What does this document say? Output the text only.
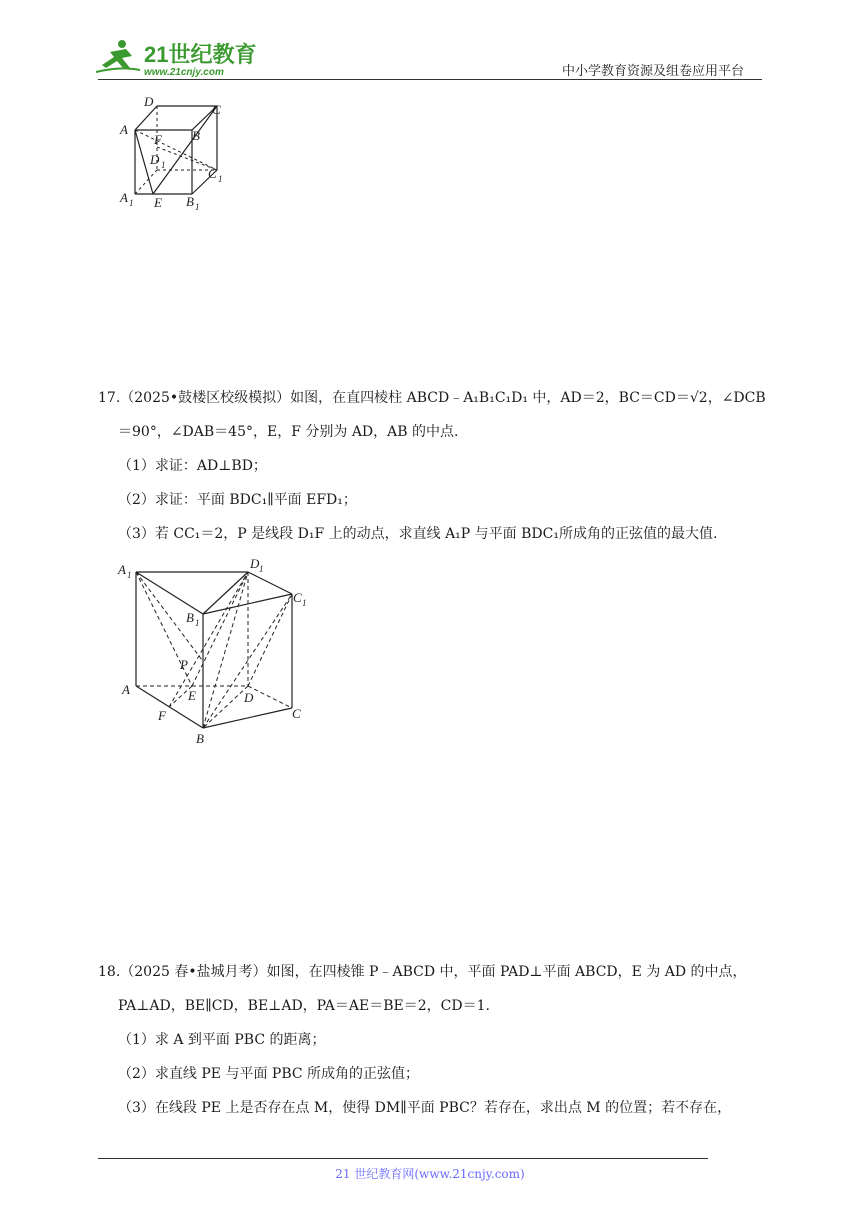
21世纪教育
www.21cnjy.com	中小学教育资源及组卷应用平台
D
C
A	B
F
D 1
C 1
A 1 E B 1
17.（2025•鼓楼区校级模拟）如图，在直四棱柱 ABCD﹣A₁B₁C₁D₁ 中，AD＝2，BC＝CD＝√2，∠DCB
＝90°，∠DAB＝45°，E，F 分别为 AD，AB 的中点.
（1）求证：AD⊥BD；
（2）求证：平面 BDC₁∥平面 EFD₁；
（3）若 CC₁＝2，P 是线段 D₁F 上的动点，求直线 A₁P 与平面 BDC₁所成角的正弦值的最大值.
A 1
D 1
C 1
B 1
P
A	E	D
C
F
B
18.（2025 春•盐城月考）如图，在四棱锥 P﹣ABCD 中，平面 PAD⊥平面 ABCD，E 为 AD 的中点，
PA⊥AD，BE∥CD，BE⊥AD，PA＝AE＝BE＝2，CD＝1.
（1）求 A 到平面 PBC 的距离；
（2）求直线 PE 与平面 PBC 所成角的正弦值；
（3）在线段 PE 上是否存在点 M，使得 DM∥平面 PBC？若存在，求出点 M 的位置；若不存在，
21 世纪教育网(www.21cnjy.com)
